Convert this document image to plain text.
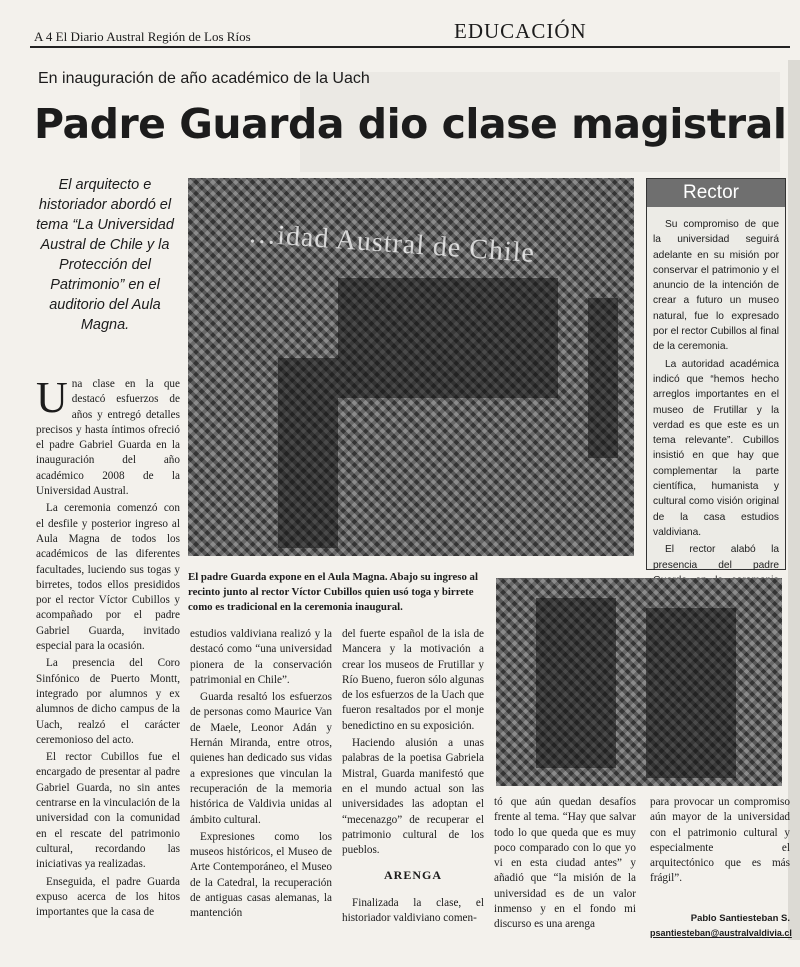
A 4 El Diario Austral Región de Los Ríos	EDUCACIÓN
En inauguración de año académico de la Uach
Padre Guarda dio clase magistral
El arquitecto e historiador abordó el tema “La Universidad Austral de Chile y la Protección del Patrimonio” en el auditorio del Aula Magna.
…idad Austral de Chile
El padre Guarda expone en el Aula Magna. Abajo su ingreso al recinto junto al rector Víctor Cubillos quien usó toga y birrete como es tradicional en la ceremonia inaugural.
Rector

Su compromiso de que la universidad seguirá adelante en su misión por conservar el patrimonio y el anuncio de la intención de crear a futuro un museo natural, fue lo expresado por el rector Cubillos al final de la ceremonia.

La autoridad académica indicó que “hemos hecho arreglos importantes en el museo de Frutillar y la verdad es que este es un tema relevante”. Cubillos insistió en que hay que complementar la parte científica, humanista y cultural como visión original de la casa estudios valdiviana.

El rector alabó la presencia del padre

Una clase en la que destacó esfuerzos de años y entregó detalles precisos y hasta íntimos ofreció el padre Gabriel Guarda en la inauguración del año académico 2008 de la Universidad Austral.

La ceremonia comenzó con el desfile y posterior ingreso al Aula Magna de todos los académicos de las diferentes facultades, luciendo sus togas y birretes, todos ellos presididos por el rector Víctor Cubillos y acompañado por el padre Gabriel Guarda, invitado especial para la ocasión.

La presencia del Coro Sinfónico de Puerto Montt, integrado por alumnos y ex alumnos de dicho campus de la Uach, realzó el carácter ceremonioso del acto.

El rector Cubillos fue el encargado de presentar al padre Gabriel Guarda, no sin antes centrarse en la vinculación de la universidad con la comunidad en el rescate del patrimonio cultural, recordando las iniciativas ya realizadas.

Enseguida, el padre Guarda expuso acerca de los hitos importantes que la casa de

estudios valdiviana realizó y la destacó como “una universidad pionera de la conservación patrimonial en Chile”.

Guarda resaltó los esfuerzos de personas como Maurice Van de Maele, Leonor Adán y Hernán Miranda, entre otros, quienes han dedicado sus vidas a expresiones que vinculan la recuperación de la memoria histórica de Valdivia unidas al ámbito cultural.

Expresiones como los museos históricos, el Museo de Arte Contemporáneo, el Museo de la Catedral, la recuperación de antiguas casas alemanas, la mantención

del fuerte español de la isla de Mancera y la motivación a crear los museos de Frutillar y Río Bueno, fueron sólo algunas de los esfuerzos de la Uach que fueron resaltados por el monje benedictino en su exposición.

Haciendo alusión a unas palabras de la poetisa Gabriela Mistral, Guarda manifestó que en el mundo actual son las universidades las adoptan el “mecenazgo” de recuperar el patrimonio cultural de los pueblos.

ARENGA

Finalizada la clase, el historiador valdiviano comen-

tó que aún quedan desafíos frente al tema. “Hay que salvar todo lo que queda que es muy poco comparado con lo que yo vi en esta ciudad antes” y añadió que “la misión de la universidad es de un valor inmenso y en el fondo mi discurso es una arenga

para provocar un compromiso aún mayor de la universidad con el patrimonio cultural y especialmente el arquitectónico que es más frágil”.

Pablo Santiesteban S.
psantiesteban@australvaldivia.cl
